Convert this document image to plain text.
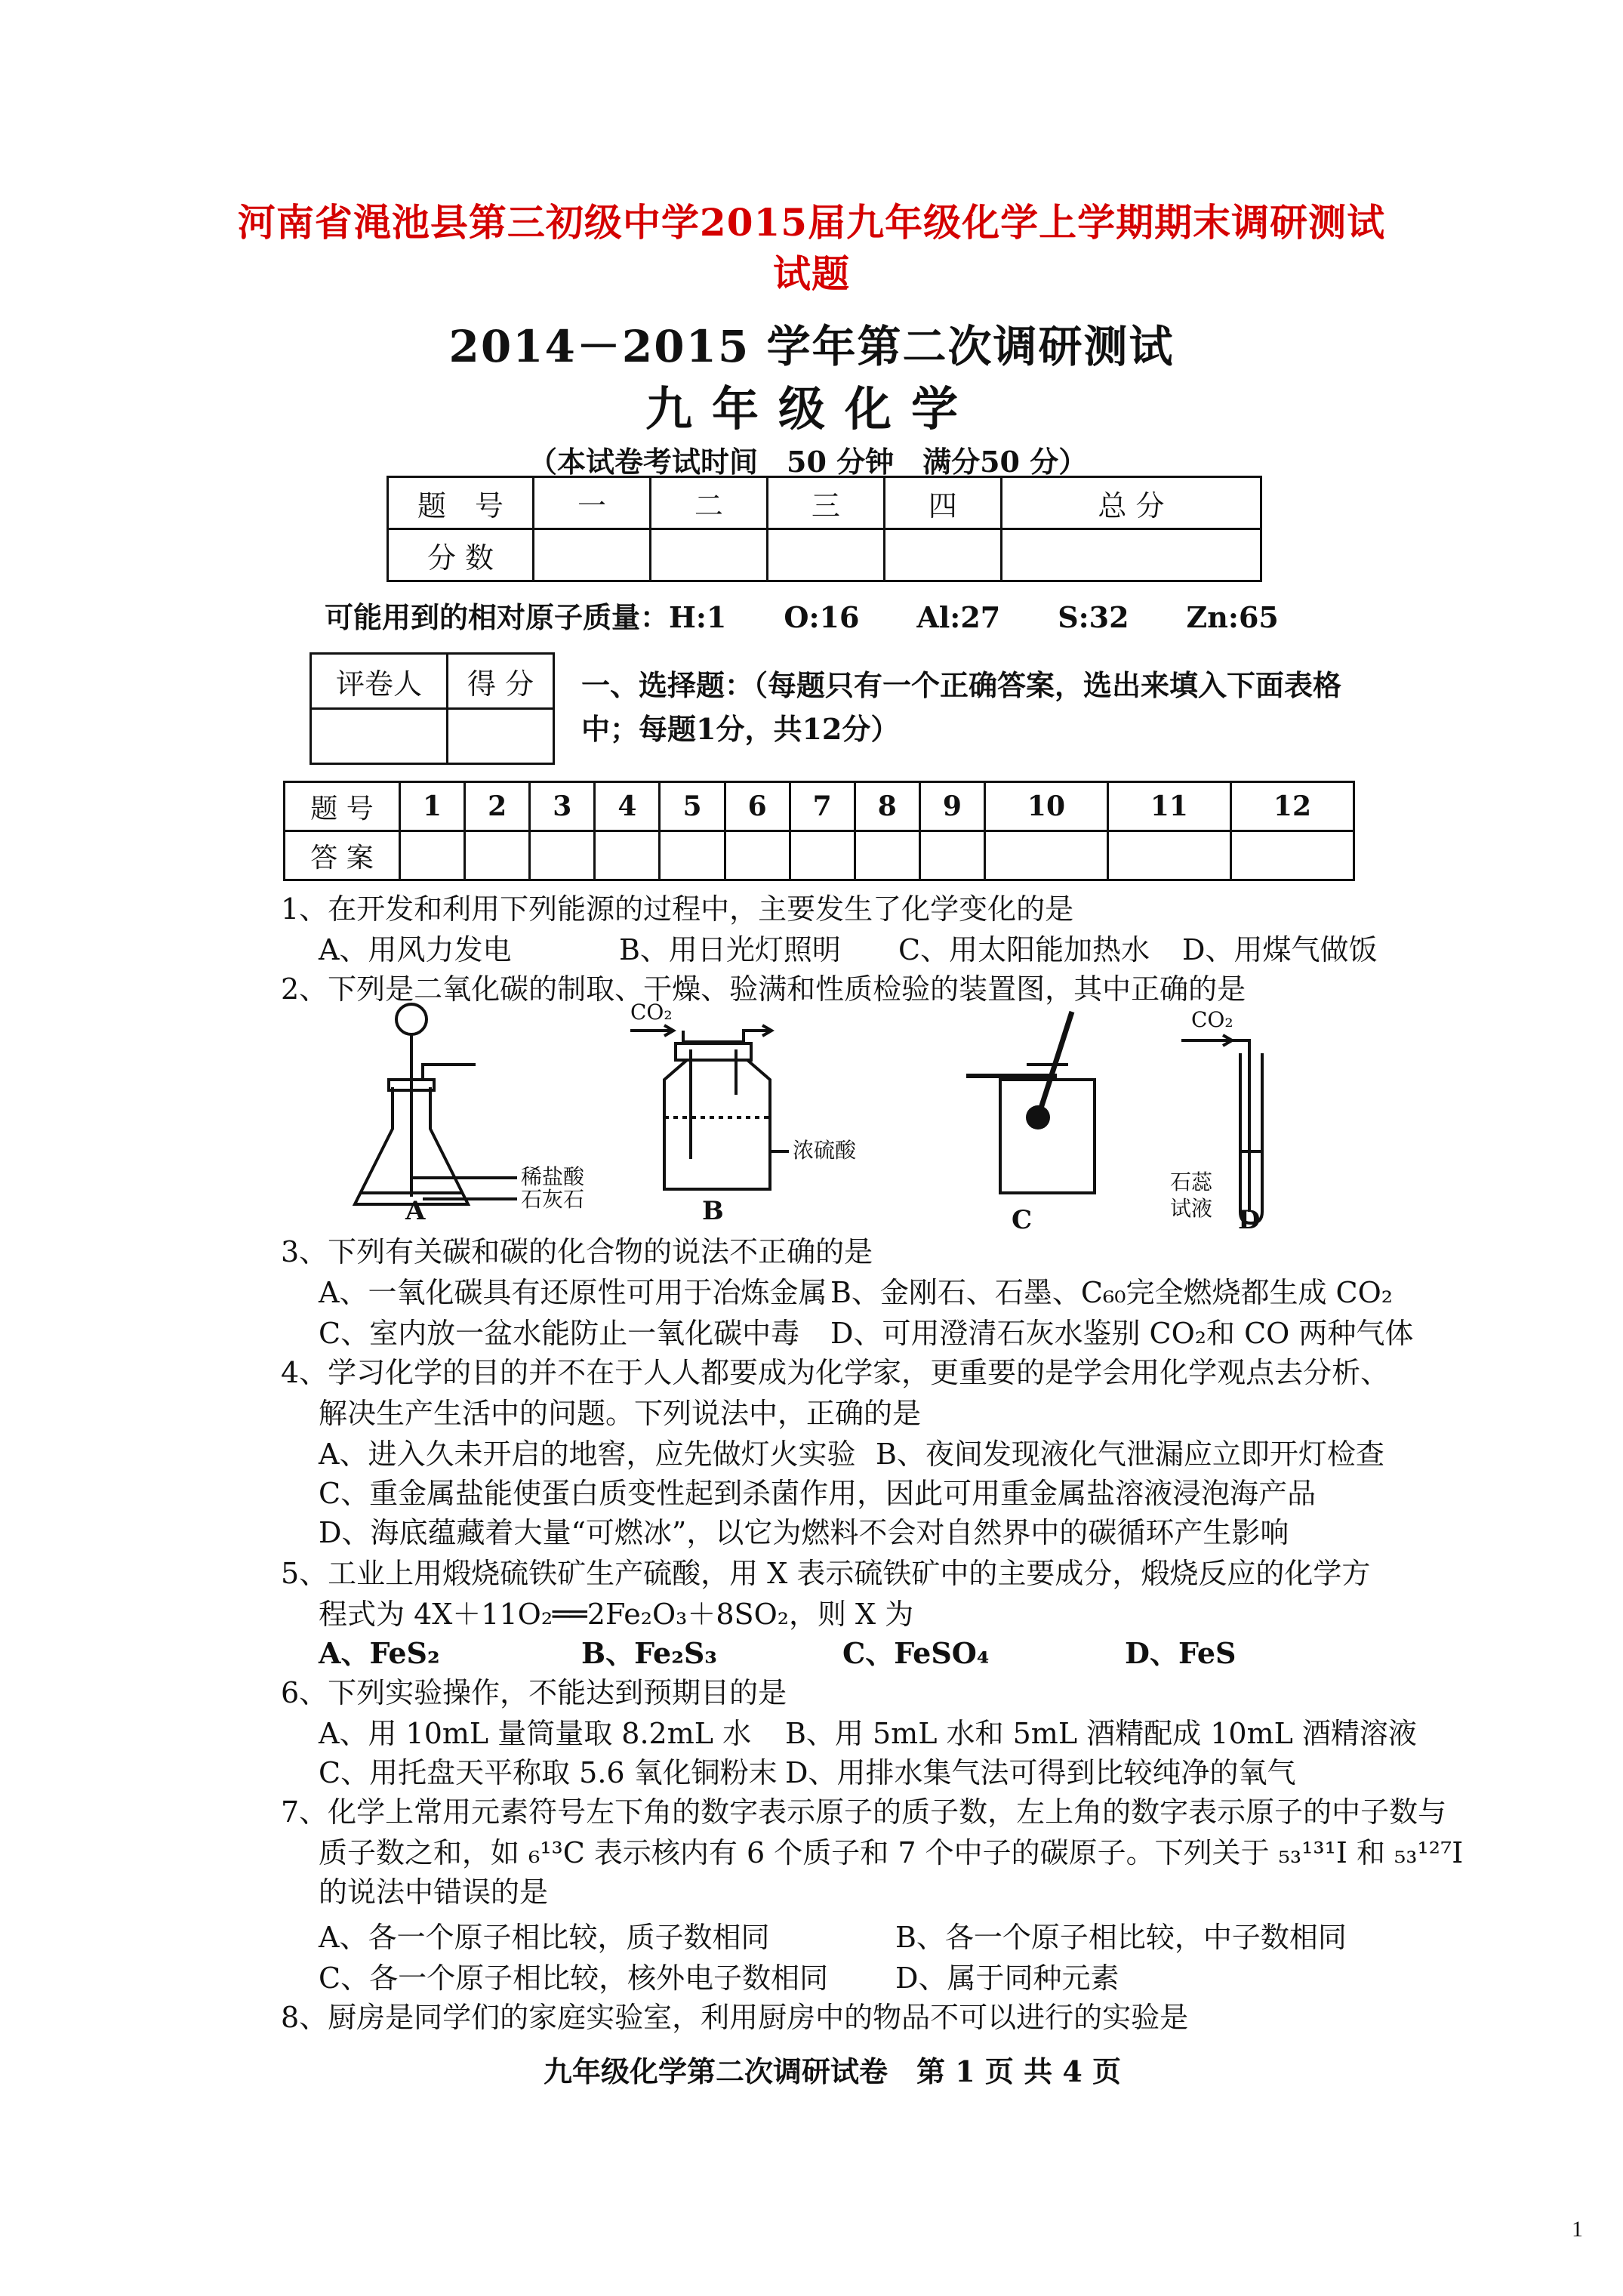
河南省渑池县第三初级中学2015届九年级化学上学期期末调研测试
试题
2014－2015 学年第二次调研测试
九年级化学
（本试卷考试时间　50 分钟　满分50 分）
题　号	一	二	三	四	总 分
分 数					
可能用到的相对原子质量：H:1　　O:16　　Al:27　　S:32　　Zn:65
评卷人	得 分
	一、选择题：（每题只有一个正确答案，选出来填入下面表格
中；每题1分，共12分）
题 号	1	2	3	4	5	6	7	8	9	10	11	12
答 案												
1、在开发和利用下列能源的过程中，主要发生了化学变化的是
A、用风力发电	B、用日光灯照明 C、用太阳能加热水 D、用煤气做饭
2、下列是二氧化碳的制取、干燥、验满和性质检验的装置图，其中正确的是
稀盐酸
石灰石
CO₂
浓硫酸
CO₂
石蕊
试液
A	B	C	D
3、下列有关碳和碳的化合物的说法不正确的是
A、一氧化碳具有还原性可用于冶炼金属 B、金刚石、石墨、C₆₀完全燃烧都生成 CO₂
C、室内放一盆水能防止一氧化碳中毒 D、可用澄清石灰水鉴别 CO₂和 CO 两种气体
4、学习化学的目的并不在于人人都要成为化学家，更重要的是学会用化学观点去分析、
解决生产生活中的问题。下列说法中，正确的是
A、进入久未开启的地窖，应先做灯火实验 B、夜间发现液化气泄漏应立即开灯检查
C、重金属盐能使蛋白质变性起到杀菌作用，因此可用重金属盐溶液浸泡海产品
D、海底蕴藏着大量“可燃冰”，以它为燃料不会对自然界中的碳循环产生影响
5、工业上用煅烧硫铁矿生产硫酸，用 X 表示硫铁矿中的主要成分，煅烧反应的化学方
程式为 4X＋11O₂══2Fe₂O₃＋8SO₂，则 X 为
A、FeS₂	B、Fe₂S₃	C、FeSO₄	D、FeS
6、下列实验操作，不能达到预期目的是
A、用 10mL 量筒量取 8.2mL 水 B、用 5mL 水和 5mL 酒精配成 10mL 酒精溶液
C、用托盘天平称取 5.6 氧化铜粉末 D、用排水集气法可得到比较纯净的氧气
7、化学上常用元素符号左下角的数字表示原子的质子数，左上角的数字表示原子的中子数与
质子数之和，如 ₆¹³C 表示核内有 6 个质子和 7 个中子的碳原子。下列关于 ₅₃¹³¹I 和 ₅₃¹²⁷I
的说法中错误的是
A、各一个原子相比较，质子数相同	B、各一个原子相比较，中子数相同
C、各一个原子相比较，核外电子数相同 D、属于同种元素
8、厨房是同学们的家庭实验室，利用厨房中的物品不可以进行的实验是
九年级化学第二次调研试卷　第 1 页 共 4 页
1
